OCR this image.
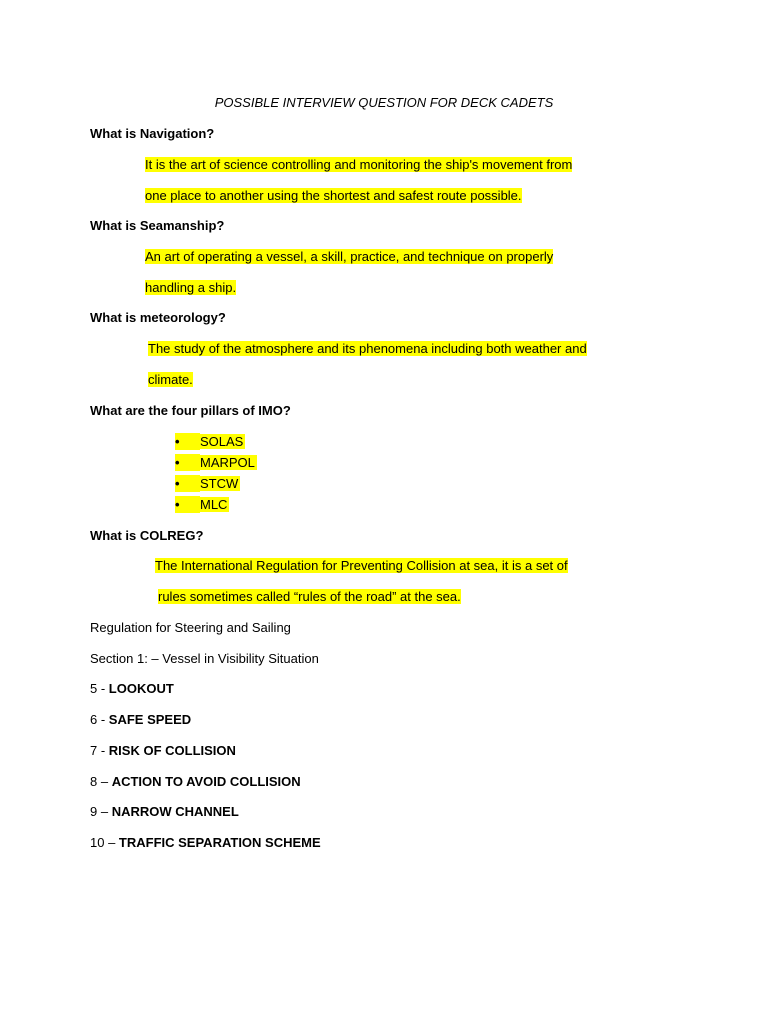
POSSIBLE INTERVIEW QUESTION FOR DECK CADETS
What is Navigation?
It is the art of science controlling and monitoring the ship's movement from
one place to another using the shortest and safest route possible.
What is Seamanship?
An art of operating a vessel, a skill, practice, and technique on properly
handling a ship.
What is meteorology?
The study of the atmosphere and its phenomena including both weather and
climate.
What are the four pillars of IMO?
• SOLAS
• MARPOL
• STCW
• MLC
What is COLREG?
The International Regulation for Preventing Collision at sea, it is a set of
rules sometimes called “rules of the road” at the sea.
Regulation for Steering and Sailing
Section 1: – Vessel in Visibility Situation
5 - LOOKOUT
6 - SAFE SPEED
7 - RISK OF COLLISION
8 – ACTION TO AVOID COLLISION
9 – NARROW CHANNEL
10 – TRAFFIC SEPARATION SCHEME
